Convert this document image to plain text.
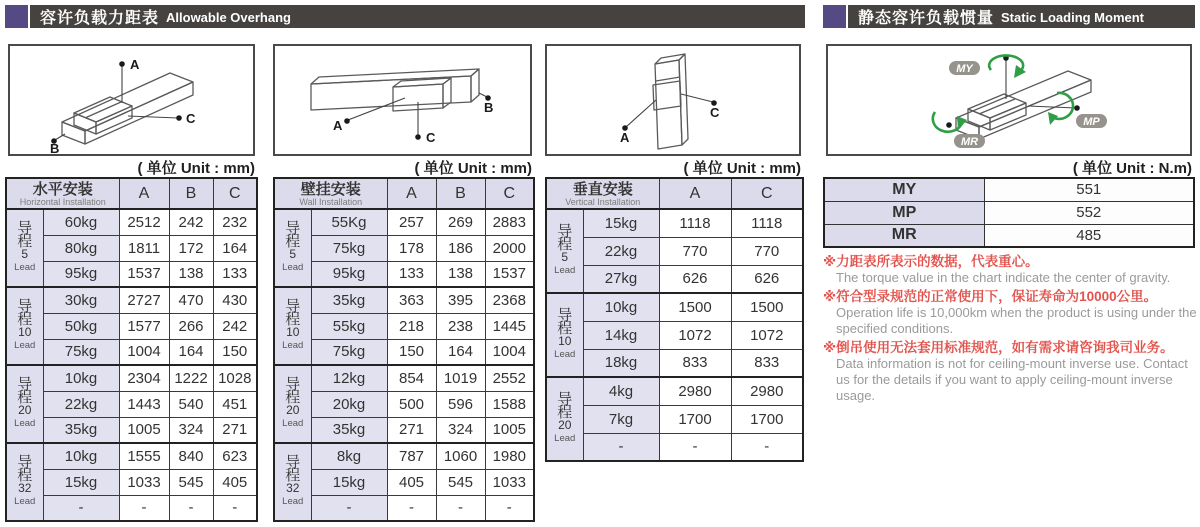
容许负载力距表 Allowable Overhang	静态容许负载惯量 Static Loading Moment
A
B
C	A
C
B
A
C
MY
MP
MR
( 单位 Unit : mm)	( 单位 Unit : mm)	( 单位 Unit : mm)	( 单位 Unit : N.m)
水平安装
Horizontal Installation		A	B	C

导
程
5
Lead	60kg	2512	242	232
	80kg	1811	172	164
	95kg	1537	138	133

导
程
10
Lead	30kg	2727	470	430
	50kg	1577	266	242
	75kg	1004	164	150

导
程
20
Lead	10kg	2304	1222	1028
	22kg	1443	540	451
	35kg	1005	324	271

导
程
32
Lead	10kg	1555	840	623
	15kg	1033	545	405
	-	-	-	-
壁挂安装
Wall Installation		A	B	C

导
程
5
Lead	55Kg	257	269	2883
	75kg	178	186	2000
	95kg	133	138	1537

导
程
10
Lead	35kg	363	395	2368
	55kg	218	238	1445
	75kg	150	164	1004

导
程
20
Lead	12kg	854	1019	2552
	20kg	500	596	1588
	35kg	271	324	1005

导
程
32
Lead	8kg	787	1060	1980
	15kg	405	545	1033
	-	-	-	-
垂直安装
Vertical Installation		A	C

导
程
5
Lead	15kg	1118	1118
	22kg	770	770
	27kg	626	626

导
程
10
Lead	10kg	1500	1500
	14kg	1072	1072
	18kg	833	833

导
程
20
Lead	4kg	2980	2980
	7kg	1700	1700
	-	-	-
MY	551
MP	552
MR	485
※力距表所表示的数据，代表重心。
The torque value in the chart indicate the center of gravity.
※符合型录规范的正常使用下，保证寿命为10000公里。
Operation life is 10,000km when the product is using under the specified conditions.
※倒吊使用无法套用标准规范，如有需求请咨询我司业务。
Data information is not for ceiling-mount inverse use. Contact us for the details if you want to apply ceiling-mount inverse usage.
